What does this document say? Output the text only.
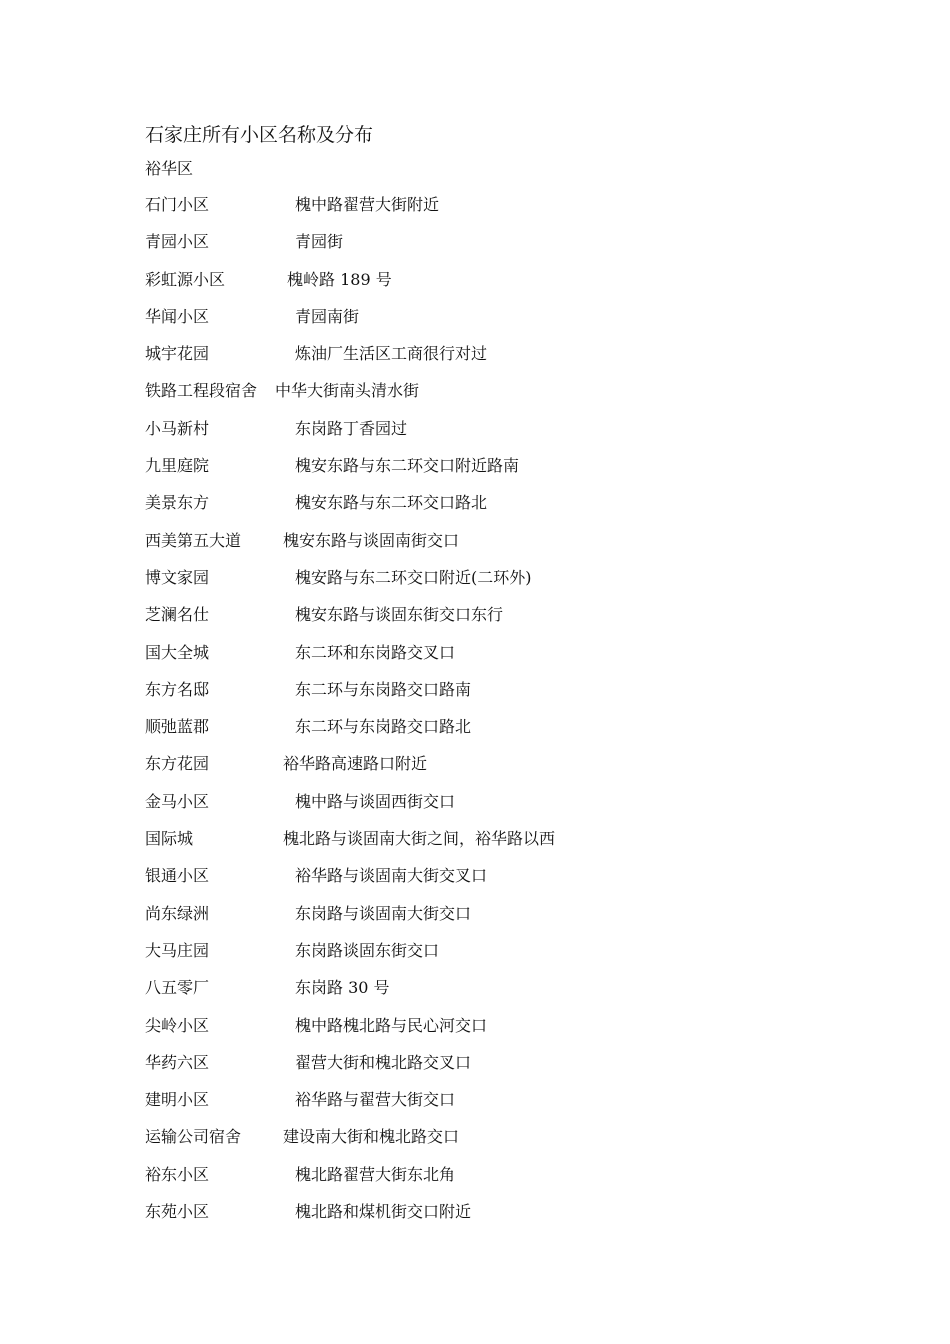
石家庄所有小区名称及分布
裕华区
石门小区	槐中路翟营大街附近
青园小区	青园街
彩虹源小区	槐岭路 189 号
华闻小区	青园南街
城宇花园	炼油厂生活区工商很行对过
铁路工程段宿舍 中华大街南头清水街
小马新村	东岗路丁香园过
九里庭院	槐安东路与东二环交口附近路南
美景东方	槐安东路与东二环交口路北
西美第五大道	槐安东路与谈固南街交口
博文家园	槐安路与东二环交口附近(二环外)
芝澜名仕	槐安东路与谈固东街交口东行
国大全城	东二环和东岗路交叉口
东方名邸	东二环与东岗路交口路南
顺弛蓝郡	东二环与东岗路交口路北
东方花园	裕华路高速路口附近
金马小区	槐中路与谈固西街交口
国际城	槐北路与谈固南大街之间，裕华路以西
银通小区	裕华路与谈固南大街交叉口
尚东绿洲	东岗路与谈固南大街交口
大马庄园	东岗路谈固东街交口
八五零厂	东岗路 30 号
尖岭小区	槐中路槐北路与民心河交口
华药六区	翟营大街和槐北路交叉口
建明小区	裕华路与翟营大街交口
运输公司宿舍	建设南大街和槐北路交口
裕东小区	槐北路翟营大街东北角
东苑小区	槐北路和煤机街交口附近
